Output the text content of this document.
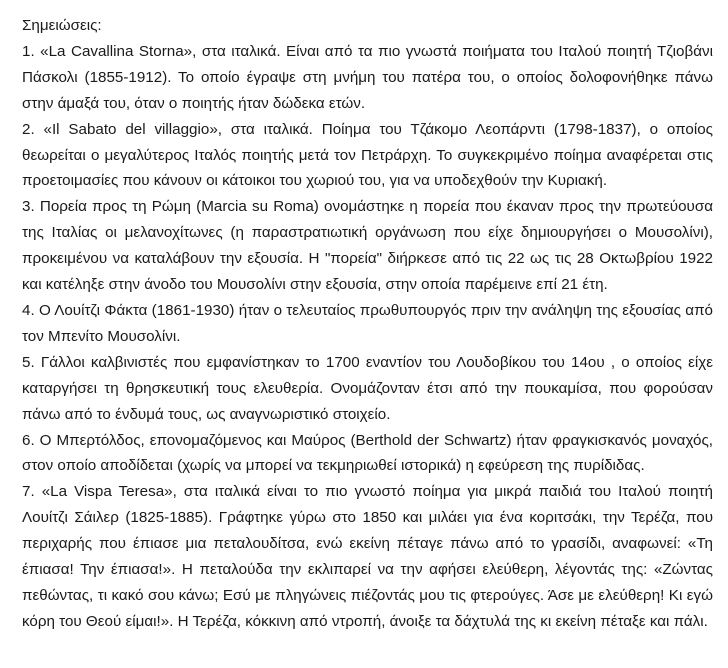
Σημειώσεις:

1. «La Cavallina Storna», στα ιταλικά. Είναι από τα πιο γνωστά ποιήματα του Ιταλού ποιητή Τζιοβάνι Πάσκολι (1855-1912). Το οποίο έγραψε στη μνήμη του πατέρα του, ο οποίος δολοφονήθηκε πάνω στην άμαξά του, όταν ο ποιητής ήταν δώδεκα ετών.

2. «Il Sabato del villaggio», στα ιταλικά. Ποίημα του Τζάκομο Λεοπάρντι (1798-1837), ο οποίος θεωρείται ο μεγαλύτερος Ιταλός ποιητής μετά τον Πετράρχη. Το συγκεκριμένο ποίημα αναφέρεται στις προετοιμασίες που κάνουν οι κάτοικοι του χωριού του, για να υποδεχθούν την Κυριακή.

3. Πορεία προς τη Ρώμη (Marcia su Roma) ονομάστηκε η πορεία που έκαναν προς την πρωτεύουσα της Ιταλίας οι μελανοχίτωνες (η παραστρατιωτική οργάνωση που είχε δημιουργήσει ο Μουσολίνι), προκειμένου να καταλάβουν την εξουσία. Η "πορεία" διήρκεσε από τις 22 ως τις 28 Οκτωβρίου 1922 και κατέληξε στην άνοδο του Μουσολίνι στην εξουσία, στην οποία παρέμεινε επί 21 έτη.

4. Ο Λουίτζι Φάκτα (1861-1930) ήταν ο τελευταίος πρωθυπουργός πριν την ανάληψη της εξουσίας από τον Μπενίτο Μουσολίνι.

5. Γάλλοι καλβινιστές που εμφανίστηκαν το 1700 εναντίον του Λουδοβίκου του 14ου , ο οποίος είχε καταργήσει τη θρησκευτική τους ελευθερία. Ονομάζονταν έτσι από την πουκαμίσα, που φορούσαν πάνω από το ένδυμά τους, ως αναγνωριστικό στοιχείο.

6. Ο Μπερτόλδος, επονομαζόμενος και Μαύρος (Berthold der Schwartz) ήταν φραγκισκανός μοναχός, στον οποίο αποδίδεται (χωρίς να μπορεί να τεκμηριωθεί ιστορικά) η εφεύρεση της πυρίδιδας.

7. «La Vispa Teresa», στα ιταλικά είναι το πιο γνωστό ποίημα για μικρά παιδιά του Ιταλού ποιητή Λουίτζι Σάιλερ (1825-1885). Γράφτηκε γύρω στο 1850 και μιλάει για ένα κοριτσάκι, την Τερέζα, που περιχαρής που έπιασε μια πεταλουδίτσα, ενώ εκείνη πέταγε πάνω από το γρασίδι, αναφωνεί: «Τη έπιασα! Την έπιασα!». Η πεταλούδα την εκλιπαρεί να την αφήσει ελεύθερη, λέγοντάς της: «Ζώντας πεθώντας, τι κακό σου κάνω; Εσύ με πληγώνεις πιέζοντάς μου τις φτερούγες. Άσε με ελεύθερη! Κι εγώ κόρη του Θεού είμαι!». Η Τερέζα, κόκκινη από ντροπή, άνοιξε τα δάχτυλά της κι εκείνη πέταξε και πάλι.
